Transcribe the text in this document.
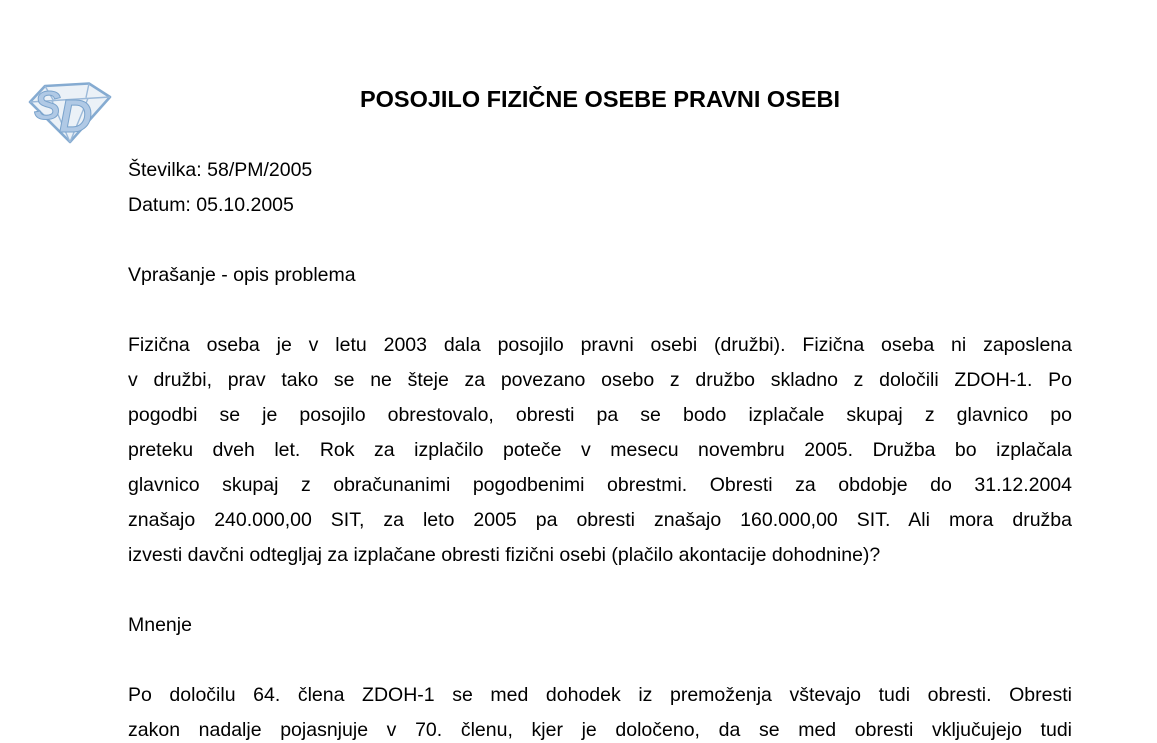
S
D	POSOJILO FIZIČNE OSEBE PRAVNI OSEBI
Številka: 58/PM/2005
Datum: 05.10.2005
Vprašanje - opis problema
Fizična oseba je v letu 2003 dala posojilo pravni osebi (družbi). Fizična oseba ni zaposlena
v družbi, prav tako se ne šteje za povezano osebo z družbo skladno z določili ZDOH-1. Po
pogodbi se je posojilo obrestovalo, obresti pa se bodo izplačale skupaj z glavnico po
preteku dveh let. Rok za izplačilo poteče v mesecu novembru 2005. Družba bo izplačala
glavnico skupaj z obračunanimi pogodbenimi obrestmi. Obresti za obdobje do 31.12.2004
znašajo 240.000,00 SIT, za leto 2005 pa obresti znašajo 160.000,00 SIT. Ali mora družba
izvesti davčni odtegljaj za izplačane obresti fizični osebi (plačilo akontacije dohodnine)?
Mnenje
Po določilu 64. člena ZDOH-1 se med dohodek iz premoženja vštevajo tudi obresti. Obresti
zakon nadalje pojasnjuje v 70. členu, kjer je določeno, da se med obresti vključujejo tudi
